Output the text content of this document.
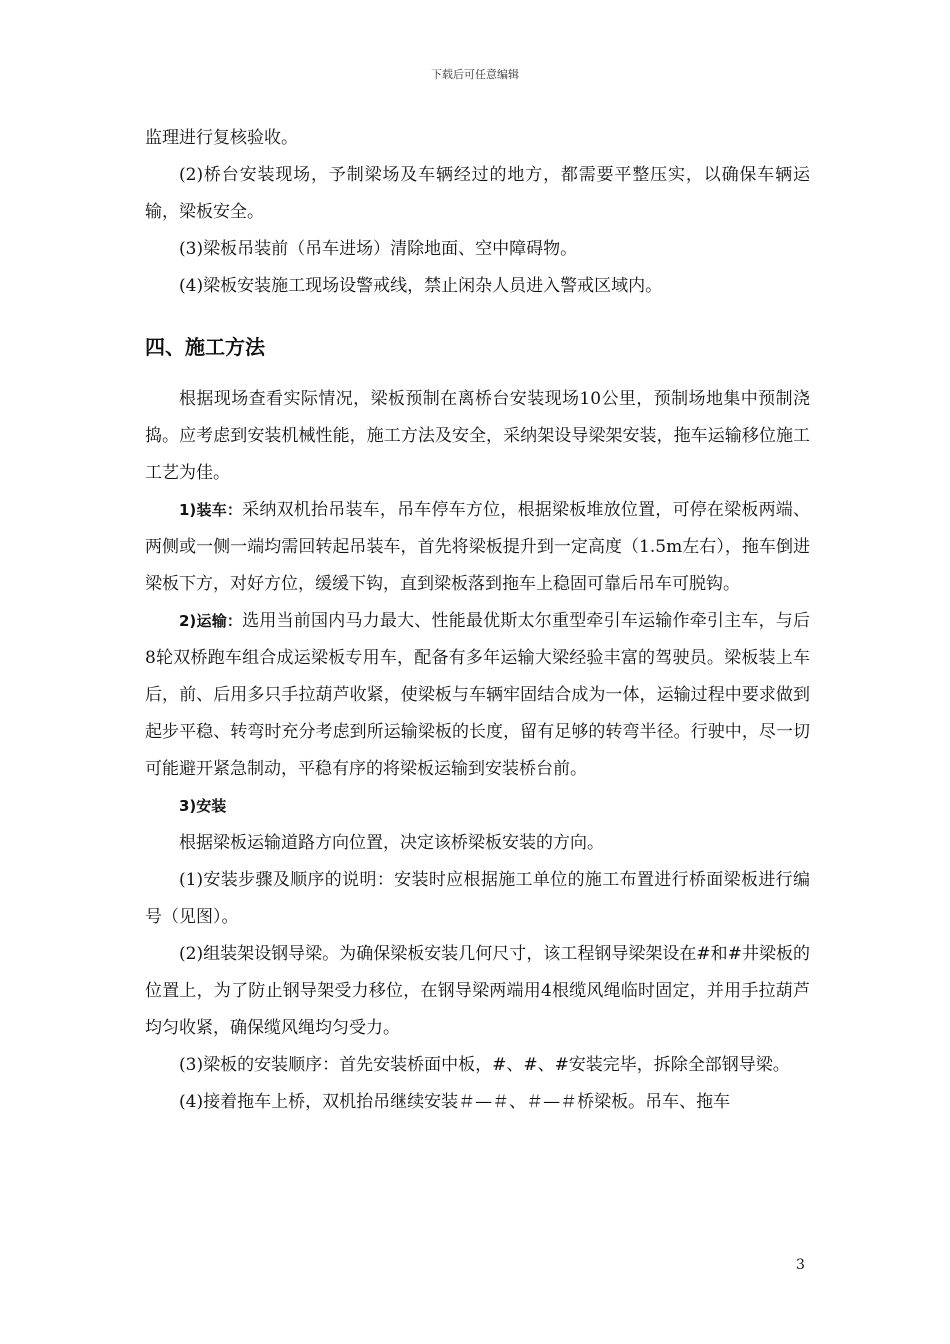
下载后可任意编辑

监理进行复核验收。

(2)桥台安装现场，予制梁场及车辆经过的地方，都需要平整压实，以确保车辆运输，梁板安全。

(3)梁板吊装前（吊车进场）清除地面、空中障碍物。

(4)梁板安装施工现场设警戒线，禁止闲杂人员进入警戒区域内。

四、施工方法

根据现场查看实际情况，梁板预制在离桥台安装现场10公里，预制场地集中预制浇捣。应考虑到安装机械性能，施工方法及安全，采纳架设导梁架安装，拖车运输移位施工工艺为佳。

1)装车：采纳双机抬吊装车，吊车停车方位，根据梁板堆放位置，可停在梁板两端、两侧或一侧一端均需回转起吊装车，首先将梁板提升到一定高度（1.5m左右），拖车倒进梁板下方，对好方位，缓缓下钩，直到梁板落到拖车上稳固可靠后吊车可脱钩。

2)运输：选用当前国内马力最大、性能最优斯太尔重型牵引车运输作牵引主车，与后8轮双桥跑车组合成运梁板专用车，配备有多年运输大梁经验丰富的驾驶员。梁板装上车后，前、后用多只手拉葫芦收紧，使梁板与车辆牢固结合成为一体，运输过程中要求做到起步平稳、转弯时充分考虑到所运输梁板的长度，留有足够的转弯半径。行驶中，尽一切可能避开紧急制动，平稳有序的将梁板运输到安装桥台前。

3)安装

根据梁板运输道路方向位置，决定该桥梁板安装的方向。

(1)安装步骤及顺序的说明：安装时应根据施工单位的施工布置进行桥面梁板进行编号（见图）。

(2)组装架设钢导梁。为确保梁板安装几何尺寸，该工程钢导梁架设在#和#井梁板的位置上，为了防止钢导架受力移位，在钢导梁两端用4根缆风绳临时固定，并用手拉葫芦均匀收紧，确保缆风绳均匀受力。

(3)梁板的安装顺序：首先安装桥面中板，#、#、#安装完毕，拆除全部钢导梁。

(4)接着拖车上桥，双机抬吊继续安装＃—＃、＃—＃桥梁板。吊车、拖车

3
